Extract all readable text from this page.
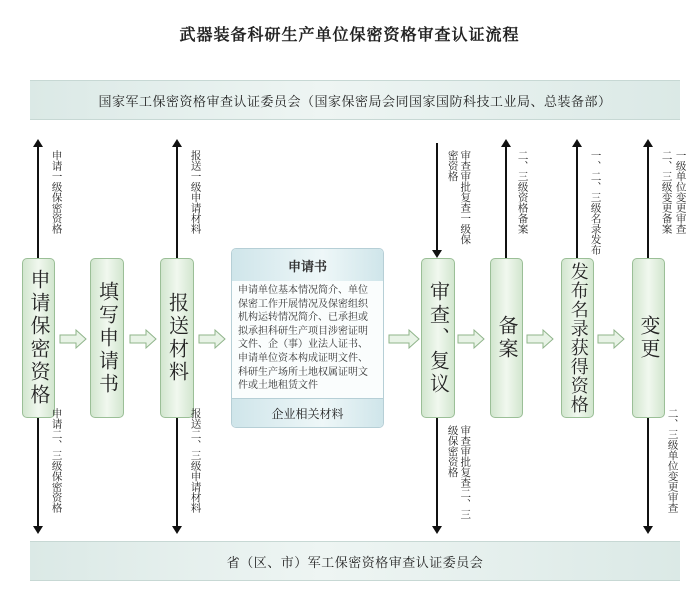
武器装备科研生产单位保密资格审查认证流程
国家军工保密资格审查认证委员会（国家保密局会同国家国防科技工业局、总装备部）
省（区、市）军工保密资格审查认证委员会
申请保密资格 填写申请书 报送材料	审查、复议 备案	发布名录获得资格 变更
申请书
申请单位基本情况简介、单位保密工作开展情况及保密组织机构运转情况简介、已承担或拟承担科研生产项目涉密证明文件、企（事）业法人证书、申请单位资本构成证明文件、科研生产场所土地权属证明文件或土地租赁文件
企业相关材料
申请一级保密资格
申请二、三级保密资格
报送一级申请材料
报送二、三级申请材料
审查审批复查一级保密资格
审查审批复查二、三级保密资格
二、三级资格备案	一、二、三级名录发布	一级单位变更审查
二、三级变更备案
二、三级单位变更审查
